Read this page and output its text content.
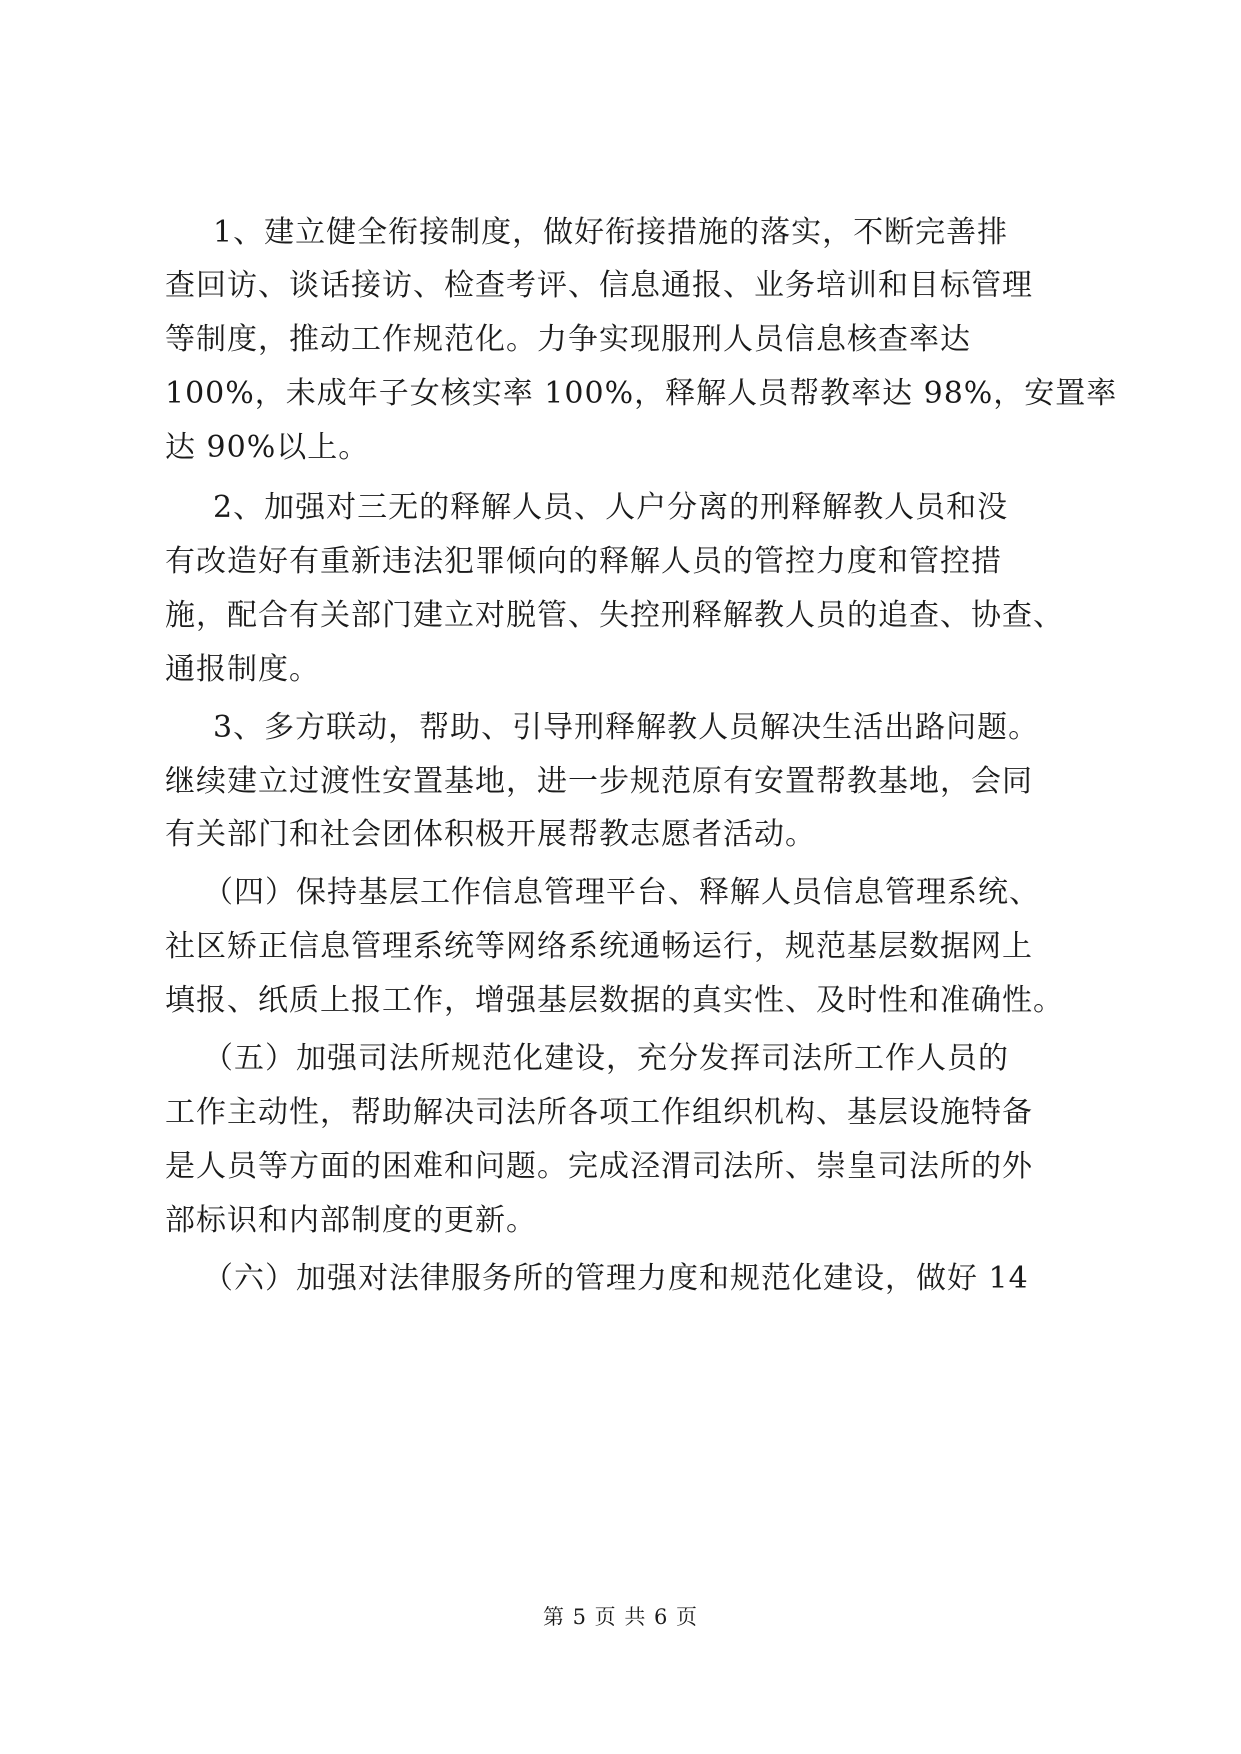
1、建立健全衔接制度，做好衔接措施的落实，不断完善排
查回访、谈话接访、检查考评、信息通报、业务培训和目标管理
等制度，推动工作规范化。力争实现服刑人员信息核查率达
100%，未成年子女核实率 100%，释解人员帮教率达 98%，安置率
达 90%以上。
2、加强对三无的释解人员、人户分离的刑释解教人员和没
有改造好有重新违法犯罪倾向的释解人员的管控力度和管控措
施，配合有关部门建立对脱管、失控刑释解教人员的追查、协查、
通报制度。
3、多方联动，帮助、引导刑释解教人员解决生活出路问题。
继续建立过渡性安置基地，进一步规范原有安置帮教基地，会同
有关部门和社会团体积极开展帮教志愿者活动。
（四）保持基层工作信息管理平台、释解人员信息管理系统、
社区矫正信息管理系统等网络系统通畅运行，规范基层数据网上
填报、纸质上报工作，增强基层数据的真实性、及时性和准确性。
（五）加强司法所规范化建设，充分发挥司法所工作人员的
工作主动性，帮助解决司法所各项工作组织机构、基层设施特备
是人员等方面的困难和问题。完成泾渭司法所、崇皇司法所的外
部标识和内部制度的更新。
（六）加强对法律服务所的管理力度和规范化建设，做好 14
第 5 页 共 6 页
